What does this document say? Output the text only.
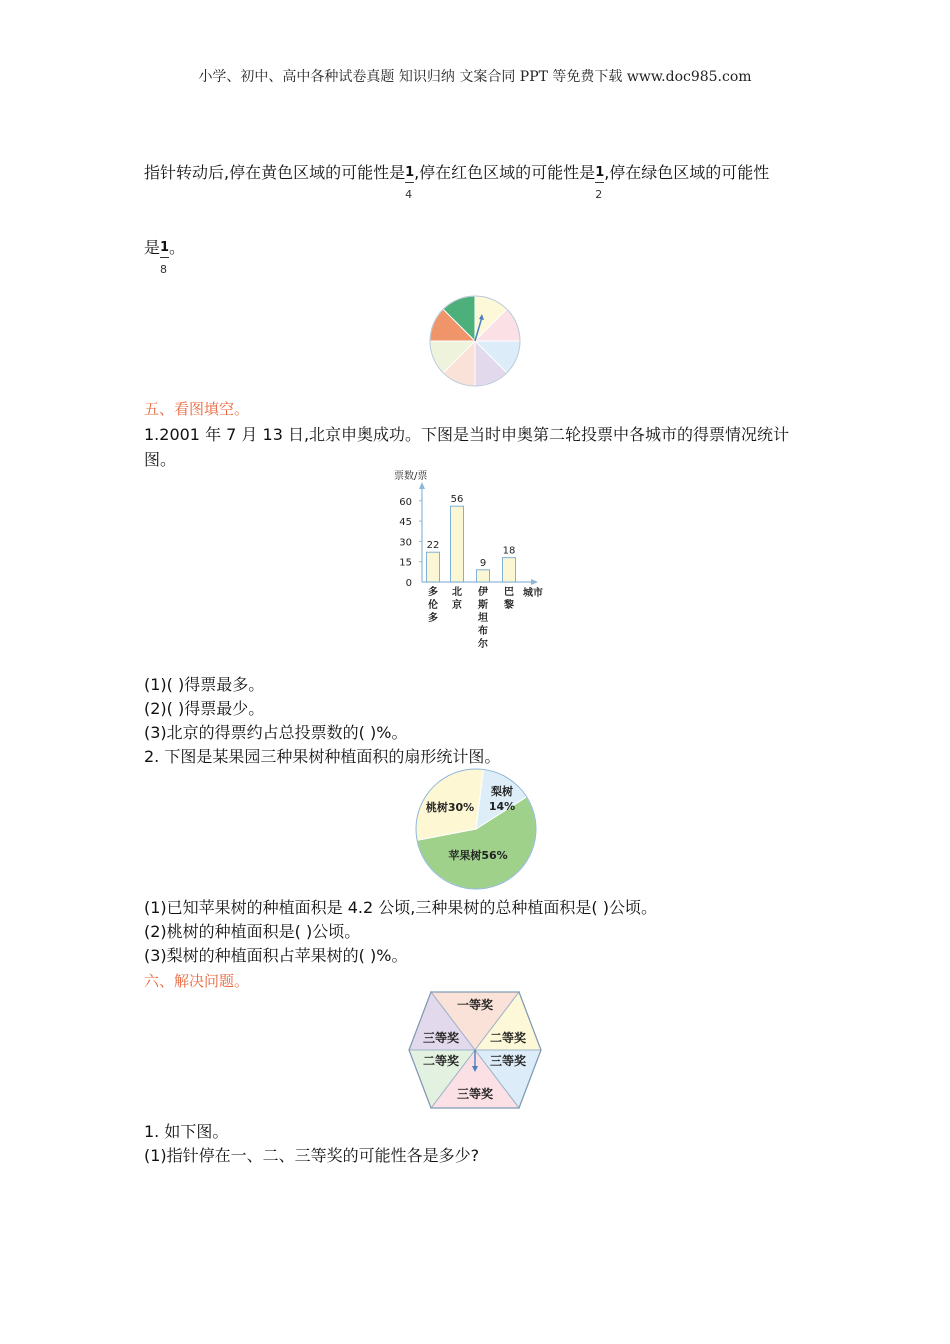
小学、初中、高中各种试卷真题 知识归纳 文案合同 PPT 等免费下载 www.doc985.com
指针转动后,停在黄色区域的可能性是 $\frac{1}{4}$ ,停在红色区域的可能性是 $\frac{1}{2}$ ,停在绿色区域的可能性
是 $\frac{1}{8}$ 。
五、看图填空。
1.2001 年 7 月 13 日,北京申奥成功。下图是当时申奥第二轮投票中各城市的得票情况统计
图。
票数/票
城市
0
15
30
45
60
22
多
伦
多
56
北
京
9
伊
斯
坦
布
尔
18
巴
黎
(1)( )得票最多。
(2)( )得票最少。
(3)北京的得票约占总投票数的( )%。
2. 下图是某果园三种果树种植面积的扇形统计图。
苹果树56%
桃树30%
梨树
14%
(1)已知苹果树的种植面积是 4.2 公顷,三种果树的总种植面积是( )公顷。
(2)桃树的种植面积是( )公顷。
(3)梨树的种植面积占苹果树的( )%。
六、解决问题。
一等奖
三等奖	二等奖
二等奖	三等奖
三等奖
1. 如下图。
(1)指针停在一、二、三等奖的可能性各是多少?
